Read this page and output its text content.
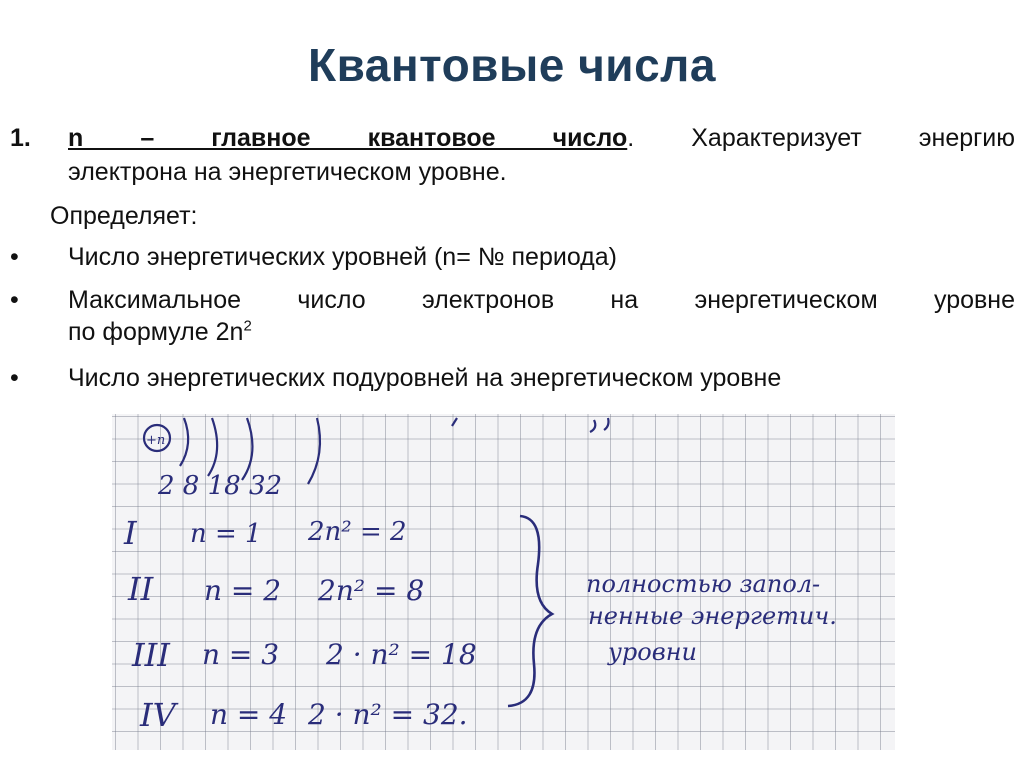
Квантовые числа
1. n – главное квантовое число. Характеризует энергию
электрона на энергетическом уровне.
Определяет:
• Число энергетических уровней (n= № периода)
• Максимальное число электронов на энергетическом уровне
по формуле $2n^2$
• Число энергетических подуровней на энергетическом уровне
+n
2 8 18 32
I n = 1 2n² = 2
II n = 2 2n² = 8
III n = 3 2 · n² = 18
IV n = 4 2 · n² = 32.
полностью запол-
ненные энергетич.
уровни
